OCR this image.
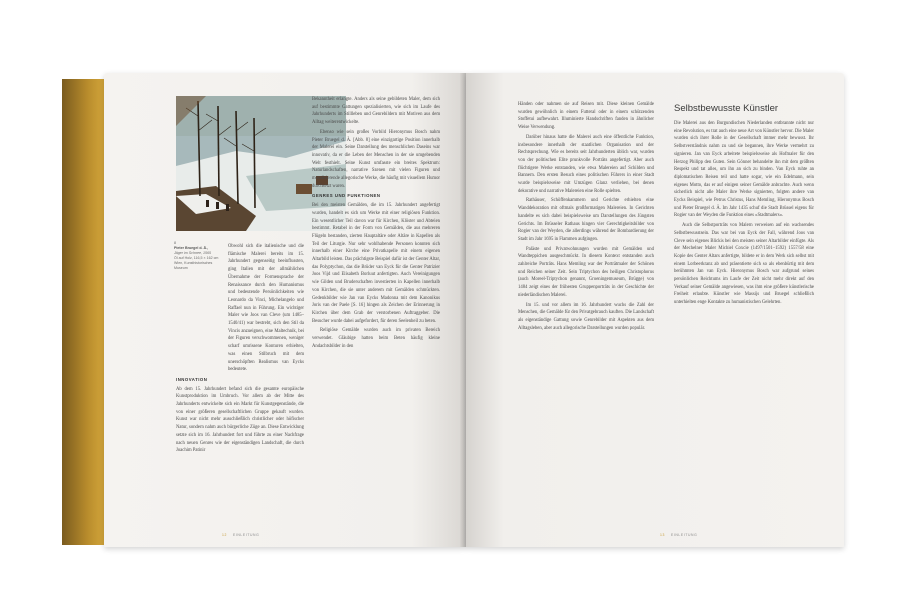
8
Pieter Bruegel d. Ä.,
Jäger im Schnee, 1565
Öl auf Holz, 116,5 × 162 cm
Wien, Kunsthistorisches Museum

Obwohl sich die italienische und die flämische Malerei bereits im 15. Jahrhundert gegenseitig beeinflussten, ging Italien mit der allmählichen Übernahme der Formensprache der Renaissance durch den Humanismus und bedeutende Persönlichkeiten wie Leonardo da Vinci, Michelangelo und Raffael nun in Führung. Ein wichtiger Maler wie Joos van Cleve (um 1485–1540/41) war bestrebt, sich den Stil da Vincis anzueignen, eine Maltechnik, bei der Figuren verschwommenen, weniger scharf umrissene Konturen erhielten, was einen Stilbruch mit dem unerschöpften Realismus van Eycks bedeutete.

INNOVATION

Ab dem 15. Jahrhundert befand sich die gesamte europäische Kunstproduktion im Umbruch. Vor allem ab der Mitte des Jahrhunderts entwickelte sich ein Markt für Kunstgegenstände, die von einer größeren gesellschaftlichen Gruppe gekauft wurden. Kunst war nicht mehr ausschließlich christlicher oder höfischer Natur, sondern nahm auch bürgerliche Züge an. Diese Entwicklung setzte sich im 16. Jahrhundert fort und führte zu einer Nachfrage nach neuen Genres wie der eigenständigen Landschaft, die durch Joachim Patinir

Bekanntheit erlangte. Anders als seine gebildeten Maler, dem sich auf bestimmte Gattungen spezialisierten, wie sich im Laufe des Jahrhunderts im Stillleben und Genrebildern mit Motiven aus dem Alltag weiterentwickelte.

Ebenso wie sein großes Vorbild Hieronymus Bosch nahm Pieter Bruegel d. Ä. [Abb. 8] eine einzigartige Position innerhalb der Malerei ein. Seine Darstellung des menschlichen Daseins war innovativ, da er die Leben der Menschen in der sie umgebenden Welt festhielt. Seine Kunst umfasste ein breites Spektrum: Naturlandschaften, narrative Szenen mit vielen Figuren und moralisierende allegorische Werke, die häufig mit visuellem Humor durchsetzt waren.

GENRES UND FUNKTIONEN

Bei den meisten Gemälden, die im 15. Jahrhundert angefertigt wurden, handelt es sich um Werke mit einer religiösen Funktion. Ein wesentlicher Teil davon war für Kirchen, Klöster und Abteien bestimmt. Retabel in der Form von Gemälden, die aus mehreren Flügeln bestanden, zierten Hauptaltäre oder Altäre in Kapellen als Teil der Liturgie. Nur sehr wohlhabende Personen konnten sich innerhalb einer Kirche eine Privatkapelle mit einem eigenen Altarbild leisten. Das prächtigste Beispiel dafür ist der Genter Altar, das Polyptychon, das die Brüder van Eyck für die Genter Patrizier Joos Vijd und Elisabeth Borluut anfertigten. Auch Vereinigungen wie Gilden und Bruderschaften investierten in Kapellen innerhalb von Kirchen, die sie unter anderem mit Gemälden schmückten. Gedenkbilder wie Jan van Eycks Madonna mit dem Kanonikus Joris van der Paele [S. 16] hingen als Zeichen der Erinnerung in Kirchen über dem Grab der verstorbenen Auftraggeber. Die Besucher wurde dabei aufgefordert, für deren Seelenheil zu beten.

Religiöse Gemälde wurden auch im privaten Bereich verwendet. Gläubige hatten beim Beten häufig kleine Andachtsbilder in den

12 EINLEITUNG

Händen oder nahmen sie auf Reisen mit. Diese kleinen Gemälde wurden gewöhnlich in einem Futteral oder in einem schützenden Stoffetui aufbewahrt. Illuminierte Handschriften fanden in ähnlicher Weise Verwendung.

Darüber hinaus hatte die Malerei auch eine öffentliche Funktion, insbesondere innerhalb der staatlichen Organisation und der Rechtsprechung. Wie es bereits seit Jahrhunderten üblich war, wurden von der politischen Elite prunkvolle Porträts angefertigt. Aber auch flüchtigere Werke entstanden, wie etwa Malereien auf Schilden und Bannern. Den ersten Besuch eines politischen Führers in einer Stadt wurde beispielsweise mit Umzügen Glanz verliehen, bei denen dekorative und narrative Malereien eine Rolle spielten.

Rathäuser, Schöffenkammern und Gerichte erhielten eine Wanddekoration mit oftmals großformatigen Malereien. In Gerichten handelte es sich dabei beispielsweise um Darstellungen des Jüngsten Gerichts. Im Brüsseler Rathaus hingen vier Gerechtigkeitsbilder von Rogier van der Weyden, die allerdings während der Bombardierung der Stadt im Jahr 1695 in Flammen aufgingen.

Paläste und Privatwohnungen wurden mit Gemälden und Wandteppichen ausgeschmückt. In diesem Kontext entstanden auch zahlreiche Porträts. Hans Memling war der Porträtmaler der Schönen und Reichen seiner Zeit. Sein Triptychon des heiligen Christophorus (auch Moreel-Triptychon genannt, Groeningemuseum, Brügge) von 1484 zeigt eines der frühesten Gruppenporträts in der Geschichte der niederländischen Malerei.

Im 15. und vor allem im 16. Jahrhundert wuchs die Zahl der Menschen, die Gemälde für den Privatgebrauch kauften. Die Landschaft als eigenständige Gattung sowie Genrebilder mit Aspekten aus dem Alltagsleben, aber auch allegorische Darstellungen wurden populär.

Selbstbewusste Künstler

Die Malerei aus den Burgundischen Niederlanden entbrannte nicht nur eine Revolution, es trat auch eine neue Art von Künstler hervor. Die Maler wurden sich ihrer Rolle in der Gesellschaft immer mehr bewusst. Ihr Selbstverständnis nahm zu und sie begannen, ihre Werke vermehrt zu signieren. Jan van Eyck arbeitete beispielsweise als Hofmaler für den Herzog Philipp den Guten. Sein Gönner behandelte ihn mit dem größten Respekt und tat alles, um ihn an sich zu binden. Van Eyck ruhte an diplomatischen Reisen teil und hatte sogar, wie ein Edelmann, sein eigenes Motto, das er auf einigen seiner Gemälde anbrachte. Auch wenn sicherlich nicht alle Maler ihre Werke signierten, folgten andere van Eycks Beispiel, wie Petrus Christus, Hans Memling, Hieronymus Bosch und Pieter Bruegel d. Ä. Im Jahr 1435 schuf die Stadt Brüssel eigens für Rogier van der Weyden die Funktion eines »Stadtmalers«.

Auch die Selbstporträts von Malern verweisen auf ein wachsendes Selbstbewusstsein. Das war bei van Eyck der Fall, während Joos van Cleve sein eigenes Blickis bei den meisten seiner Altarbilder einfügte. Als der Mechelner Maler Michiel Coxcie (1497/1501–1592) 1557/58 eine Kopie des Genter Altars anfertigte, bildete er in dem Werk sich selbst mit einem Lorbeerkranz ab und präsentierte sich so als ebenbürtig mit dem berühmten Jan van Eyck. Hieronymus Bosch war aufgrund seines persönlichen Reichtums im Laufe der Zeit nicht mehr direkt auf den Verkauf seiner Gemälde angewiesen, was ihm eine größere künstlerische Freiheit erlaubte. Künstler wie Massijs und Bruegel schließlich unterhielten enge Kontakte zu humanistischen Gelehrten.

13 EINLEITUNG
